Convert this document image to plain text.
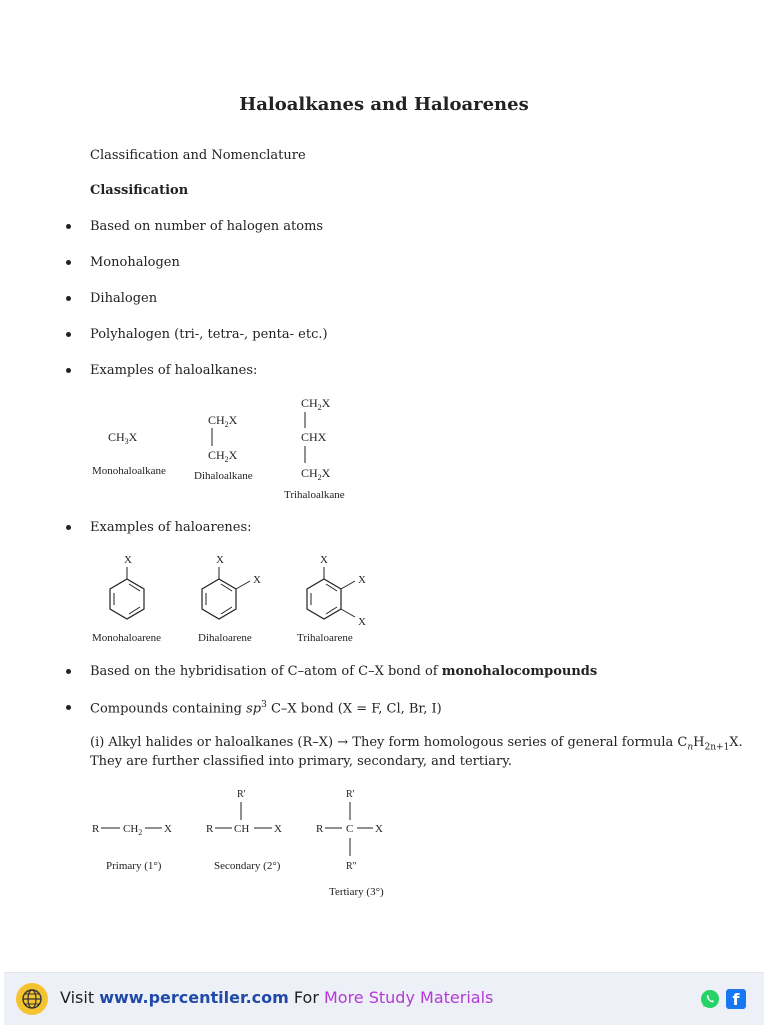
Haloalkanes and Haloarenes
Classification and Nomenclature
Classification
Based on number of halogen atoms
Monohalogen
Dihalogen
Polyhalogen (tri-, tetra-, penta- etc.)
Examples of haloalkanes:
$CH_3X$
Monohaloalkane
$CH_2X$
$CH_2X$
Dihaloalkane
$CH_2X$
CHX
$CH_2X$
Trihaloalkane
Examples of haloarenes:
X
Monohaloarene
X
X
Dihaloarene
X
X
X
Trihaloarene
Based on the hybridisation of C–atom of C–X bond of monohalocompounds
Compounds containing $sp^3$ C–X bond (X = F, Cl, Br, I)
(i) Alkyl halides or haloalkanes (R–X) → They form homologous series of general formula $C_nH_{2n+1}X$.
They are further classified into primary, secondary, and tertiary.
R $CH_2$ X
Primary (1°)
R'
R CH X
Secondary (2°)
R'
R C X
R"
Tertiary (3°)
Visit www.percentiler.com For More Study Materials	f
